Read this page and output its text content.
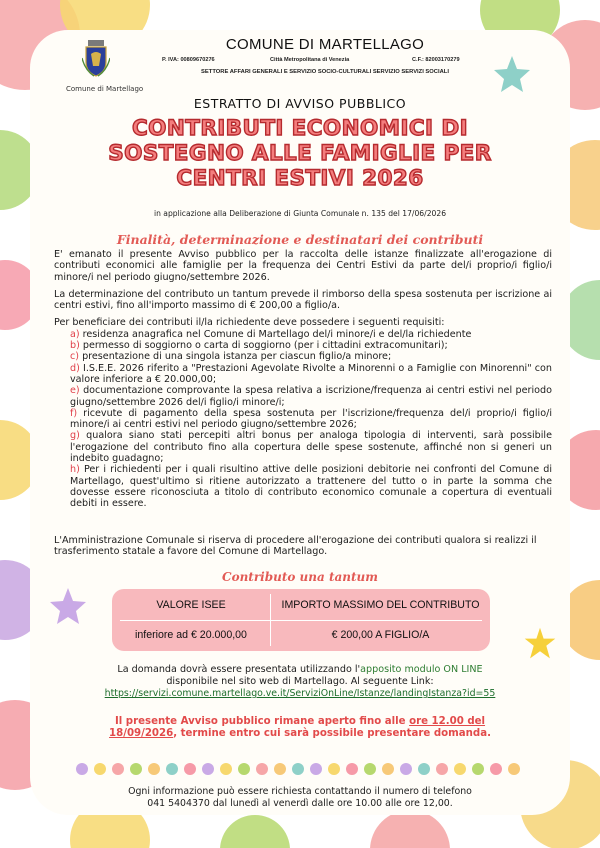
Comune di Martellago
COMUNE DI MARTELLAGO
P. IVA: 00809670276	Città Metropolitana di Venezia	C.F.: 82003170279
SETTORE AFFARI GENERALI E SERVIZIO SOCIO-CULTURALI SERVIZIO SERVIZI SOCIALI
ESTRATTO DI AVVISO PUBBLICO
CONTRIBUTI ECONOMICI DI
SOSTEGNO ALLE FAMIGLIE PER
CENTRI ESTIVI 2026
in applicazione alla Deliberazione di Giunta Comunale n. 135 del 17/06/2026
Finalità, determinazione e destinatari dei contributi

E' emanato il presente Avviso pubblico per la raccolta delle istanze finalizzate all'erogazione di contributi economici alle famiglie per la frequenza dei Centri Estivi da parte del/i proprio/i figlio/i minore/i nel periodo giugno/settembre 2026.

La determinazione del contributo un tantum prevede il rimborso della spesa sostenuta per iscrizione ai centri estivi, fino all'importo massimo di € 200,00 a figlio/a.

Per beneficiare dei contributi il/la richiedente deve possedere i seguenti requisiti:

a) residenza anagrafica nel Comune di Martellago del/i minore/i e del/la richiedente
b) permesso di soggiorno o carta di soggiorno (per i cittadini extracomunitari);
c) presentazione di una singola istanza per ciascun figlio/a minore;
d) I.S.E.E. 2026 riferito a "Prestazioni Agevolate Rivolte a Minorenni o a Famiglie con Minorenni" con valore inferiore a € 20.000,00;
e) documentazione comprovante la spesa relativa a iscrizione/frequenza ai centri estivi nel periodo giugno/settembre 2026 del/i figlio/i minore/i;
f) ricevute di pagamento della spesa sostenuta per l'iscrizione/frequenza del/i proprio/i figlio/i minore/i ai centri estivi nel periodo giugno/settembre 2026;
g) qualora siano stati percepiti altri bonus per analoga tipologia di interventi, sarà possibile l'erogazione del contributo fino alla copertura delle spese sostenute, affinché non si generi un indebito guadagno;
h) Per i richiedenti per i quali risultino attive delle posizioni debitorie nei confronti del Comune di Martellago, quest'ultimo si ritiene autorizzato a trattenere del tutto o in parte la somma che dovesse essere riconosciuta a titolo di contributo economico comunale a copertura di eventuali debiti in essere.
L'Amministrazione Comunale si riserva di procedere all'erogazione dei contributi qualora si realizzi il trasferimento statale a favore del Comune di Martellago.
Contributo una tantum
VALORE ISEE	IMPORTO MASSIMO DEL CONTRIBUTO
inferiore ad € 20.000,00	€ 200,00 A FIGLIO/A
La domanda dovrà essere presentata utilizzando l'apposito modulo ON LINE
disponibile nel sito web di Martellago. Al seguente Link:
https://servizi.comune.martellago.ve.it/ServiziOnLine/Istanze/landingIstanza?id=55
Il presente Avviso pubblico rimane aperto fino alle ore 12.00 del
18/09/2026, termine entro cui sarà possibile presentare domanda.
Ogni informazione può essere richiesta contattando il numero di telefono
041 5404370 dal lunedì al venerdì dalle ore 10.00 alle ore 12,00.
